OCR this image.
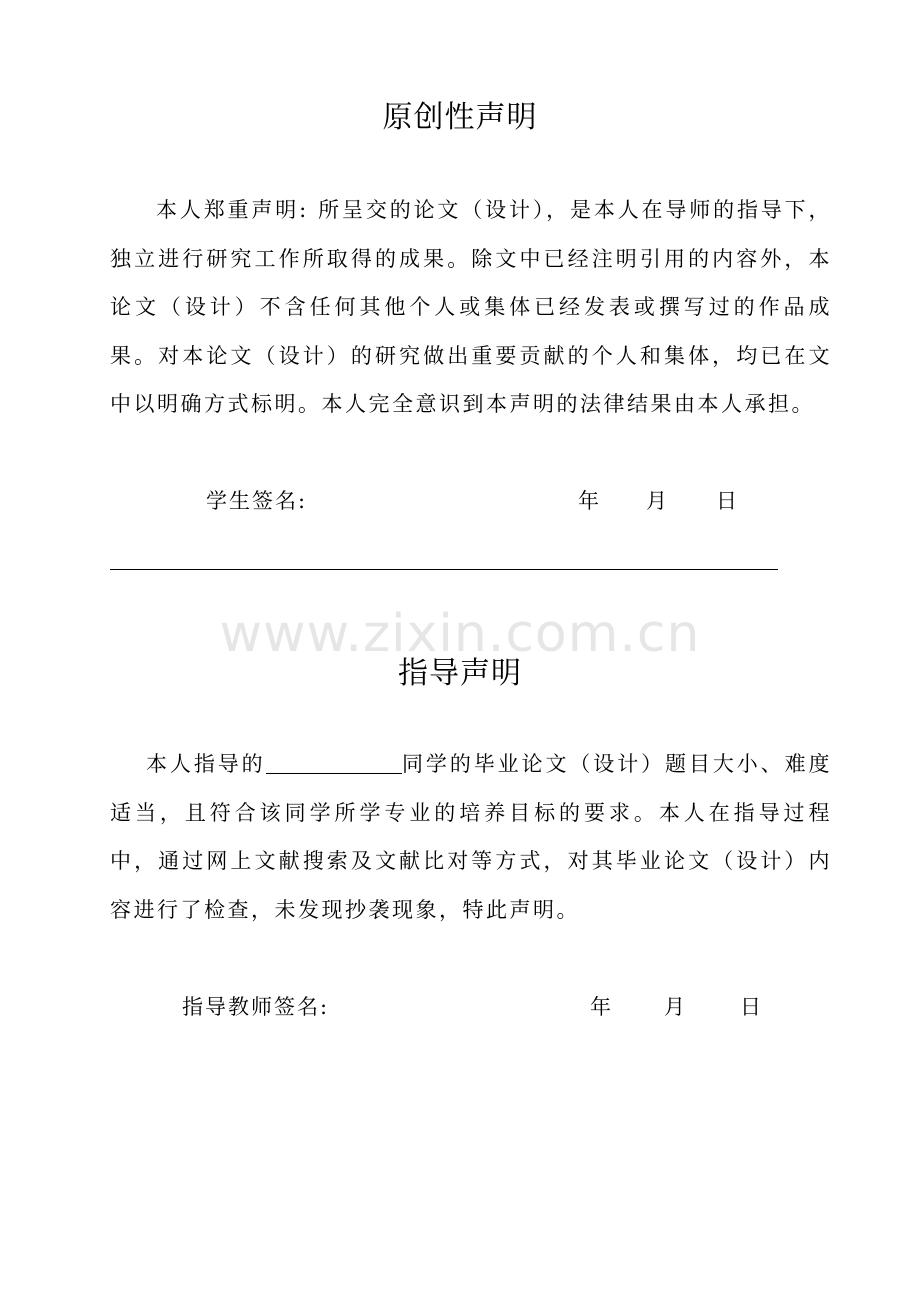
原创性声明

本人郑重声明: 所呈交的论文（设计），是本人在导师的指导下，独立进行研究工作所取得的成果。除文中已经注明引用的内容外，本论文（设计）不含任何其他个人或集体已经发表或撰写过的作品成果。对本论文（设计）的研究做出重要贡献的个人和集体，均已在文中以明确方式标明。本人完全意识到本声明的法律结果由本人承担。

学生签名:	年 月 日
www.zixin.com.cn
指导声明

本人指导的	同学的毕业论文（设计）题目大小、难度适当，且符合该同学所学专业的培养目标的要求。本人在指导过程中，通过网上文献搜索及文献比对等方式，对其毕业论文（设计）内容进行了检查，未发现抄袭现象，特此声明。

指导教师签名:	年	月	日
